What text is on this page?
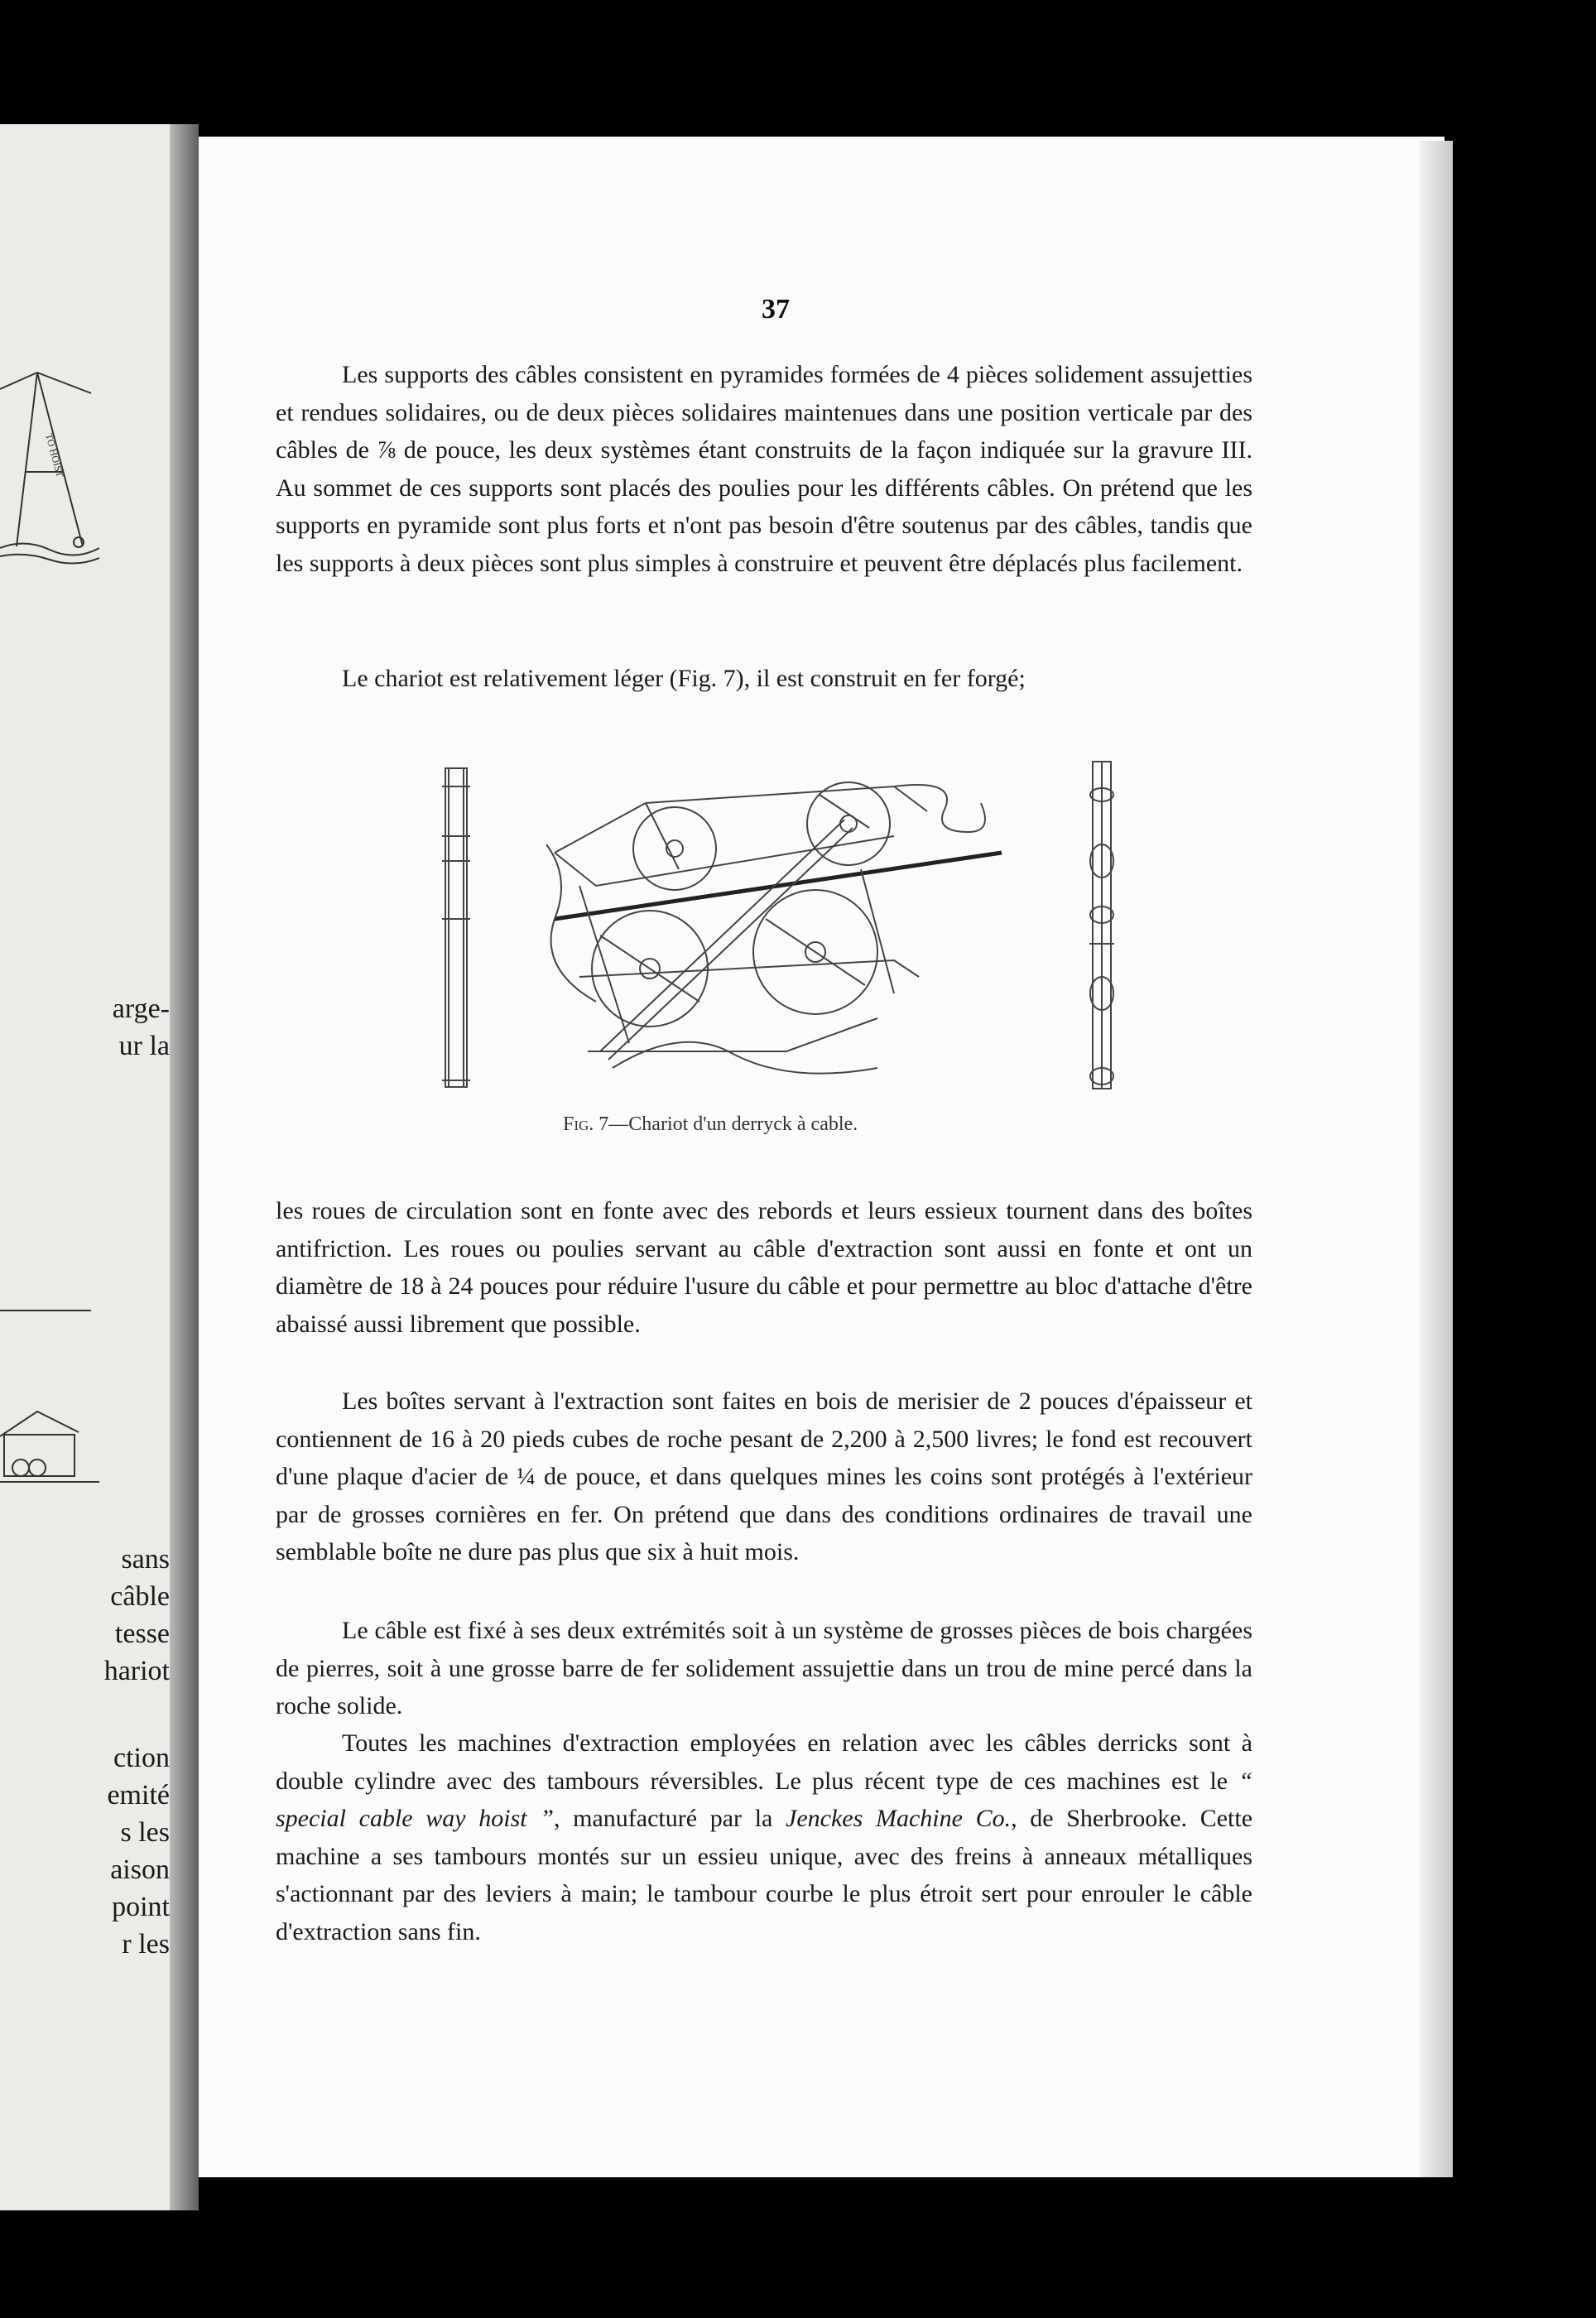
TO HOIST

arge-

ur la

sans

câble

tesse

hariot

ction

emité

s les

aison

point

r les

37

Les supports des câbles consistent en pyramides formées de 4 pièces solidement assujetties et rendues solidaires, ou de deux pièces solidaires maintenues dans une position verticale par des câbles de ⅞ de pouce, les deux systèmes étant construits de la façon indiquée sur la gravure III. Au sommet de ces supports sont placés des poulies pour les différents câbles. On prétend que les supports en pyramide sont plus forts et n'ont pas besoin d'être soutenus par des câbles, tandis que les supports à deux pièces sont plus simples à construire et peuvent être déplacés plus facilement.

Le chariot est relativement léger (Fig. 7), il est construit en fer forgé;

Fig. 7—Chariot d'un derryck à cable.

les roues de circulation sont en fonte avec des rebords et leurs essieux tournent dans des boîtes antifriction. Les roues ou poulies servant au câble d'extraction sont aussi en fonte et ont un diamètre de 18 à 24 pouces pour réduire l'usure du câble et pour permettre au bloc d'attache d'être abaissé aussi librement que possible.

Les boîtes servant à l'extraction sont faites en bois de merisier de 2 pouces d'épaisseur et contiennent de 16 à 20 pieds cubes de roche pesant de 2,200 à 2,500 livres; le fond est recouvert d'une plaque d'acier de ¼ de pouce, et dans quelques mines les coins sont protégés à l'extérieur par de grosses cornières en fer. On prétend que dans des conditions ordinaires de travail une semblable boîte ne dure pas plus que six à huit mois.

Le câble est fixé à ses deux extrémités soit à un système de grosses pièces de bois chargées de pierres, soit à une grosse barre de fer solidement assujettie dans un trou de mine percé dans la roche solide.

Toutes les machines d'extraction employées en relation avec les câbles derricks sont à double cylindre avec des tambours réversibles. Le plus récent type de ces machines est le “ special cable way hoist ”, manufacturé par la Jenckes Machine Co., de Sherbrooke. Cette machine a ses tambours montés sur un essieu unique, avec des freins à anneaux métalliques s'actionnant par des leviers à main; le tambour courbe le plus étroit sert pour enrouler le câble d'extraction sans fin.
